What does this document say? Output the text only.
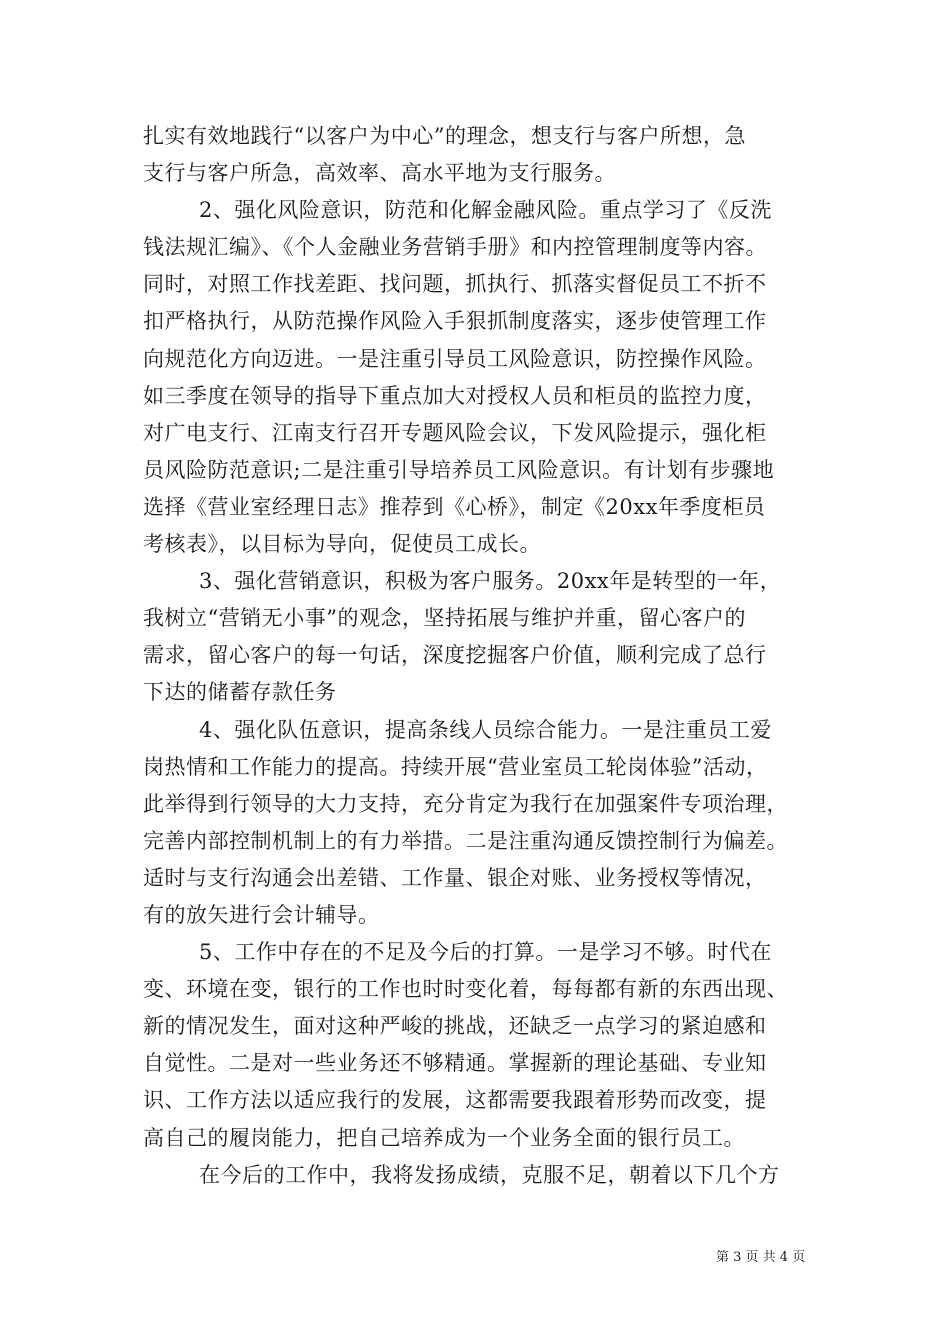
扎实有效地践行“以客户为中心”的理念，想支行与客户所想，急
支行与客户所急，高效率、高水平地为支行服务。
2、强化风险意识，防范和化解金融风险。重点学习了《反洗
钱法规汇编》、《个人金融业务营销手册》和内控管理制度等内容。
同时，对照工作找差距、找问题，抓执行、抓落实督促员工不折不
扣严格执行，从防范操作风险入手狠抓制度落实，逐步使管理工作
向规范化方向迈进。一是注重引导员工风险意识，防控操作风险。
如三季度在领导的指导下重点加大对授权人员和柜员的监控力度，
对广电支行、江南支行召开专题风险会议，下发风险提示，强化柜
员风险防范意识;二是注重引导培养员工风险意识。有计划有步骤地
选择《营业室经理日志》推荐到《心桥》，制定《20xx年季度柜员
考核表》，以目标为导向，促使员工成长。
3、强化营销意识，积极为客户服务。20xx年是转型的一年，
我树立“营销无小事”的观念，坚持拓展与维护并重，留心客户的
需求，留心客户的每一句话，深度挖掘客户价值，顺利完成了总行
下达的储蓄存款任务
4、强化队伍意识，提高条线人员综合能力。一是注重员工爱
岗热情和工作能力的提高。持续开展“营业室员工轮岗体验”活动，
此举得到行领导的大力支持，充分肯定为我行在加强案件专项治理，
完善内部控制机制上的有力举措。二是注重沟通反馈控制行为偏差。
适时与支行沟通会出差错、工作量、银企对账、业务授权等情况，
有的放矢进行会计辅导。
5、工作中存在的不足及今后的打算。一是学习不够。时代在
变、环境在变，银行的工作也时时变化着，每每都有新的东西出现、
新的情况发生，面对这种严峻的挑战，还缺乏一点学习的紧迫感和
自觉性。二是对一些业务还不够精通。掌握新的理论基础、专业知
识、工作方法以适应我行的发展，这都需要我跟着形势而改变，提
高自己的履岗能力，把自己培养成为一个业务全面的银行员工。
在今后的工作中，我将发扬成绩，克服不足，朝着以下几个方
第 3 页 共 4 页
